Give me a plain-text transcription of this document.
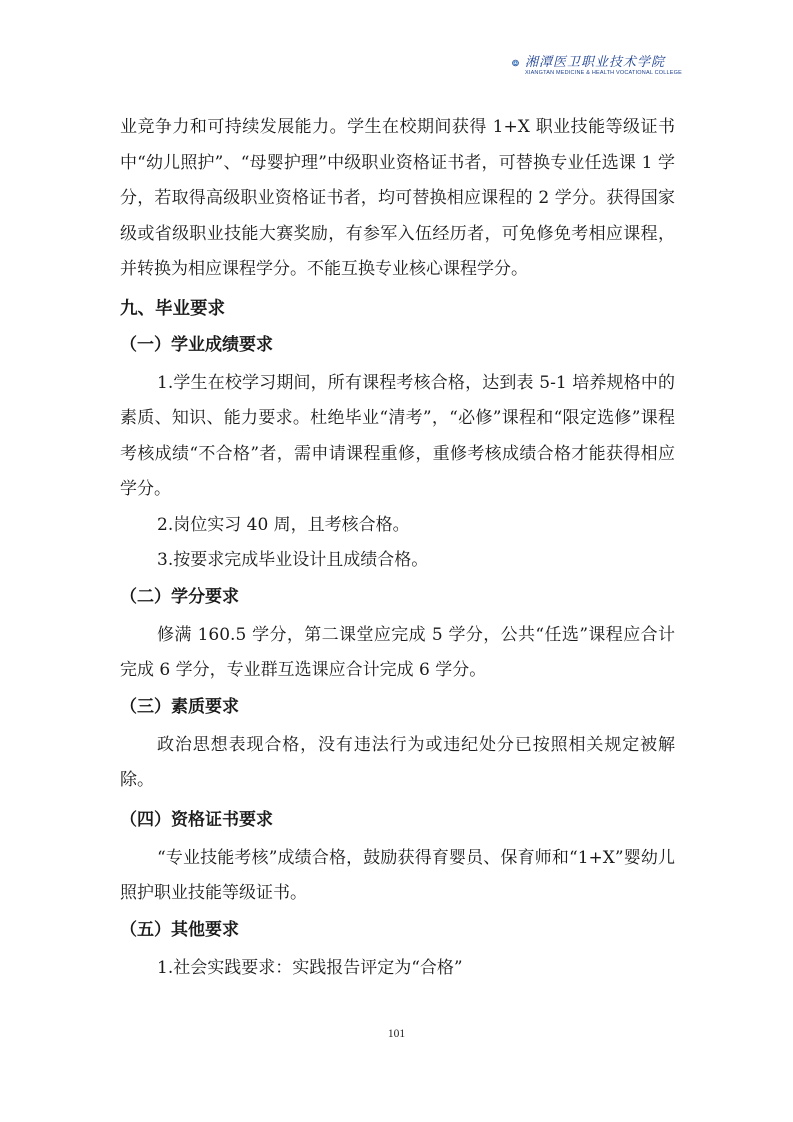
湘潭医卫职业技术学院
XIANGTAN MEDICINE & HEALTH VOCATIONAL COLLEGE

业竞争力和可持续发展能力。学生在校期间获得 1+X 职业技能等级证书中“幼儿照护”、“母婴护理”中级职业资格证书者，可替换专业任选课 1 学分，若取得高级职业资格证书者，均可替换相应课程的 2 学分。获得国家级或省级职业技能大赛奖励，有参军入伍经历者，可免修免考相应课程，并转换为相应课程学分。不能互换专业核心课程学分。

九、毕业要求

（一）学业成绩要求

1.学生在校学习期间，所有课程考核合格，达到表 5-1 培养规格中的素质、知识、能力要求。杜绝毕业“清考”，“必修”课程和“限定选修”课程考核成绩“不合格”者，需申请课程重修，重修考核成绩合格才能获得相应学分。

2.岗位实习 40 周，且考核合格。

3.按要求完成毕业设计且成绩合格。

（二）学分要求

修满 160.5 学分，第二课堂应完成 5 学分，公共“任选”课程应合计完成 6 学分，专业群互选课应合计完成 6 学分。

（三）素质要求

政治思想表现合格，没有违法行为或违纪处分已按照相关规定被解除。

（四）资格证书要求

“专业技能考核”成绩合格，鼓励获得育婴员、保育师和“1+X”婴幼儿照护职业技能等级证书。

（五）其他要求

1.社会实践要求：实践报告评定为“合格”

101
